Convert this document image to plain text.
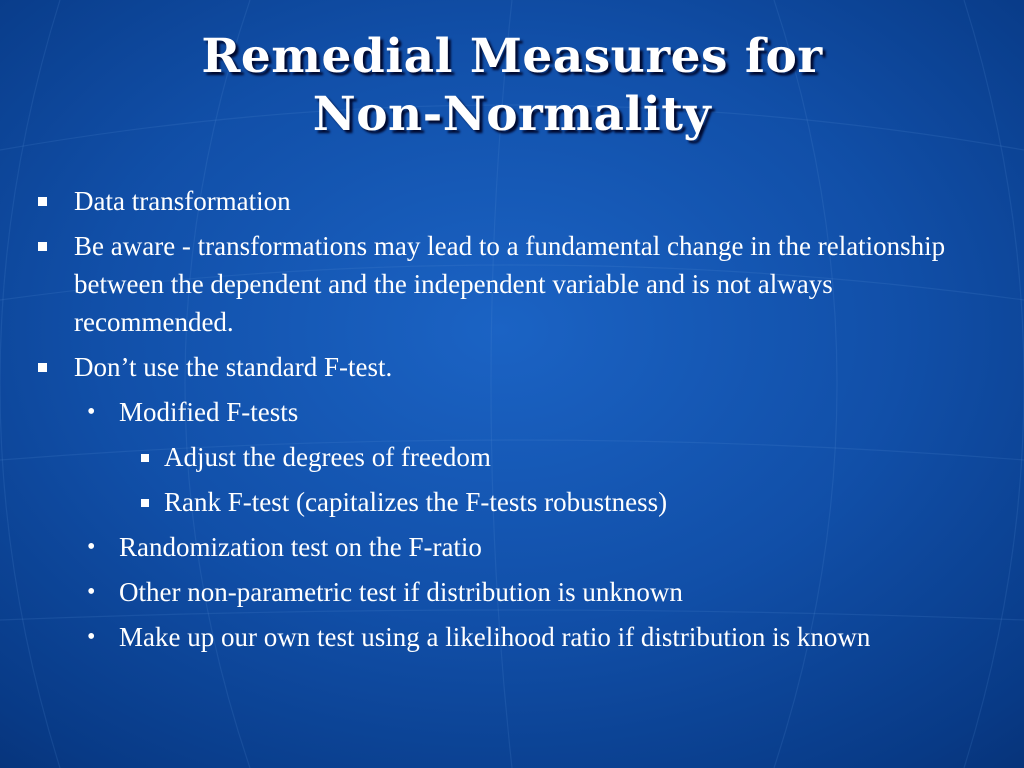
Remedial Measures for
Non-Normality
Data transformation
Be aware - transformations may lead to a fundamental change in the relationship between the dependent and the independent variable and is not always recommended.
Don’t use the standard F-test.
• Modified F-tests
Adjust the degrees of freedom
Rank F-test (capitalizes the F-tests robustness)
• Randomization test on the F-ratio
• Other non-parametric test if distribution is unknown
• Make up our own test using a likelihood ratio if distribution is known
